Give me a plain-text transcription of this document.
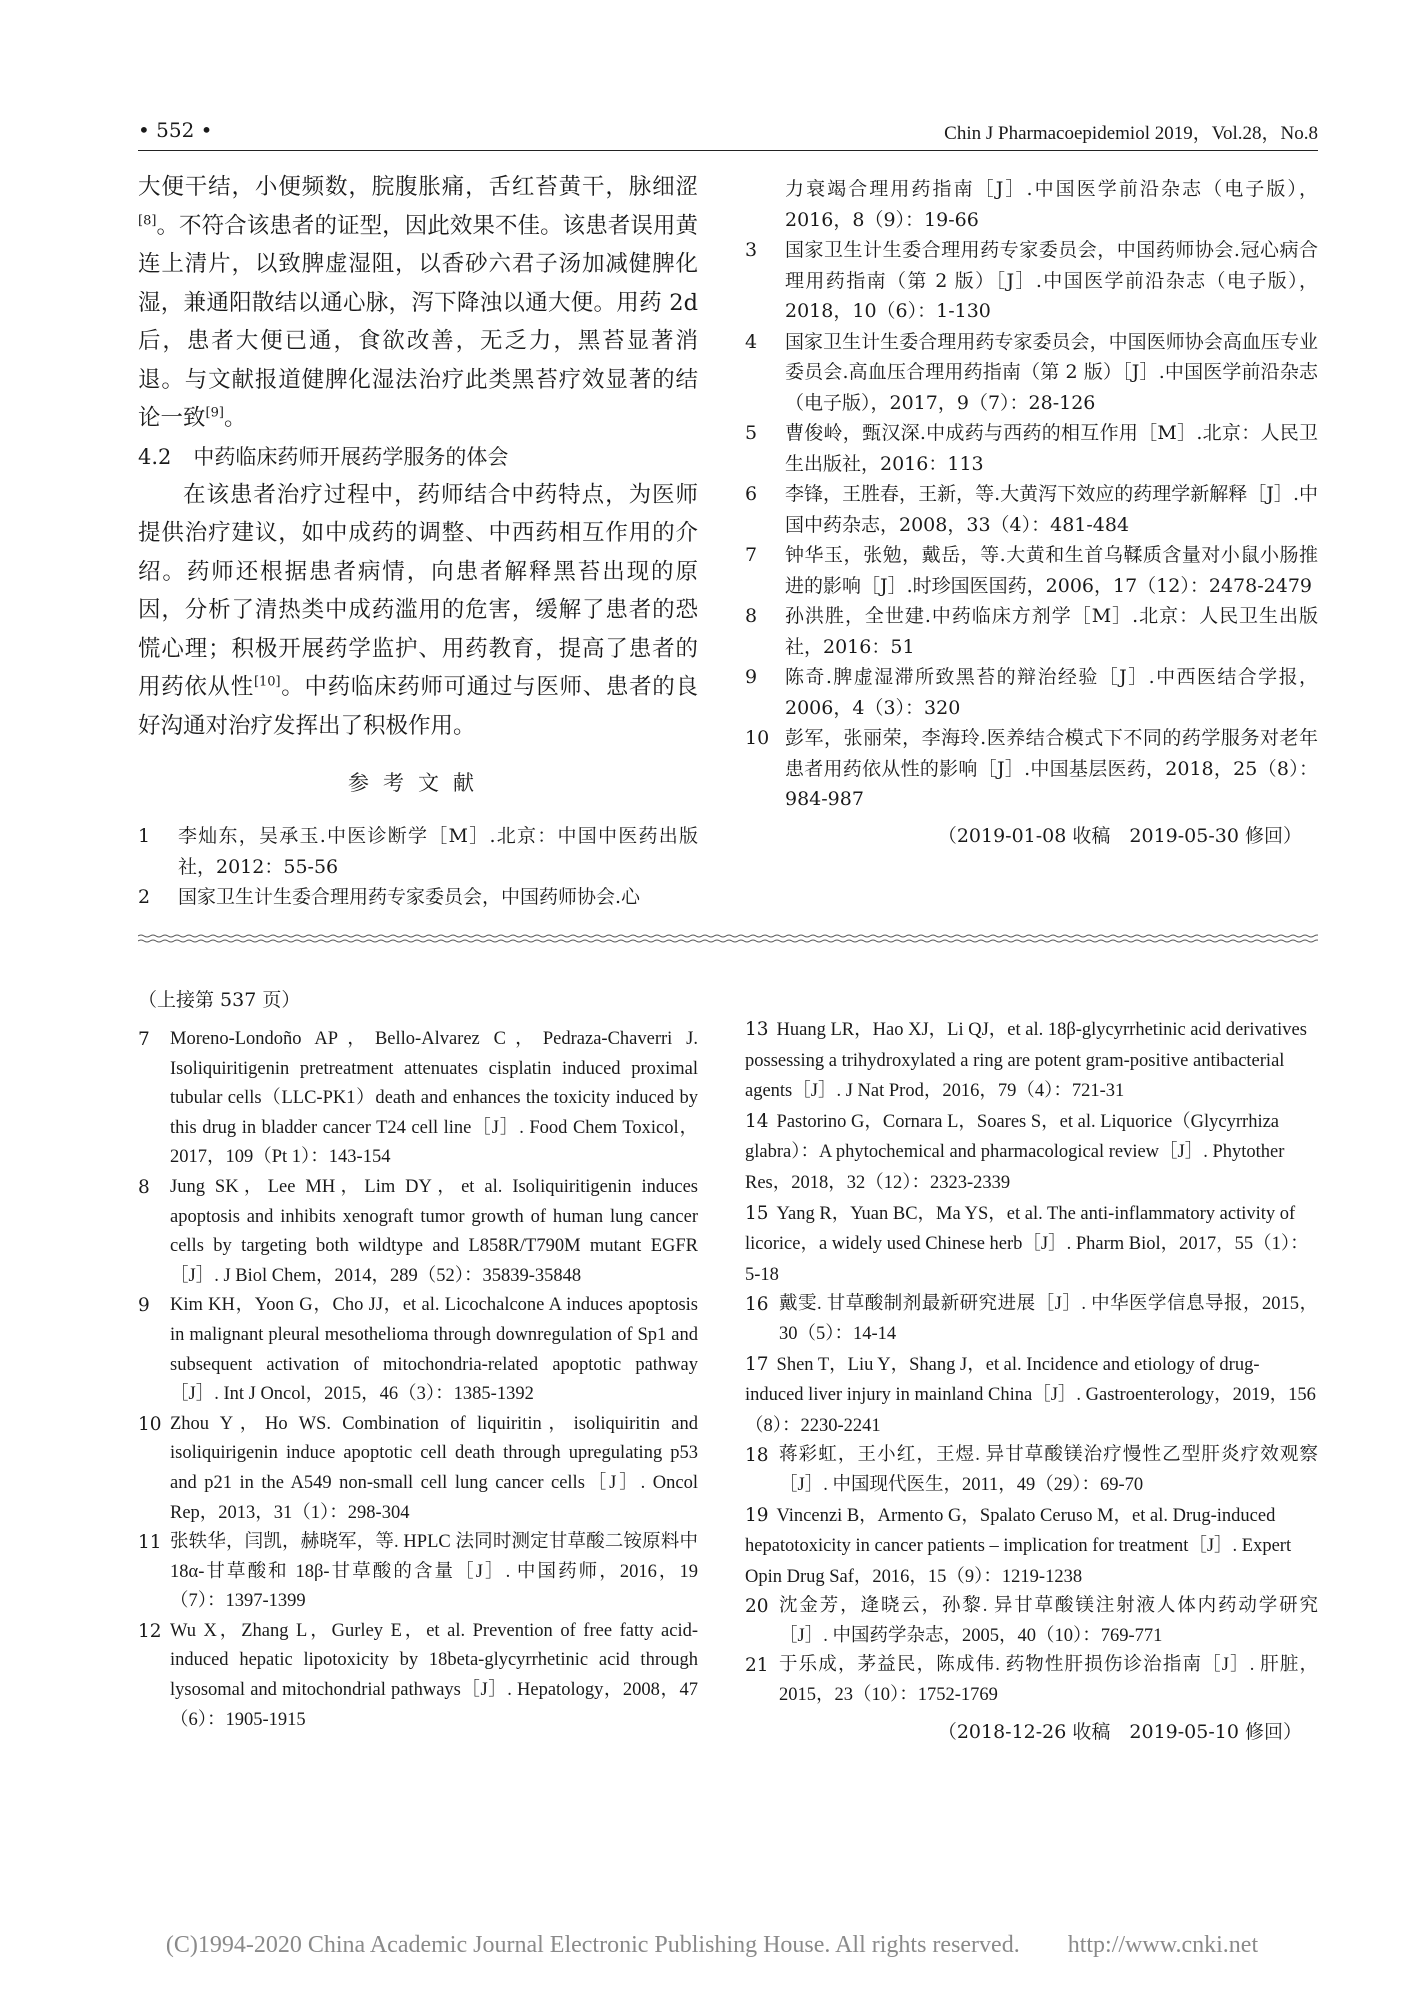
• 552 •	Chin J Pharmacoepidemiol 2019，Vol.28，No.8

大便干结，小便频数，脘腹胀痛，舌红苔黄干，脉细涩[8]。不符合该患者的证型，因此效果不佳。该患者误用黄连上清片，以致脾虚湿阻，以香砂六君子汤加减健脾化湿，兼通阳散结以通心脉，泻下降浊以通大便。用药 2d 后，患者大便已通，食欲改善，无乏力，黑苔显著消退。与文献报道健脾化湿法治疗此类黑苔疗效显著的结论一致[9]。

4.2 中药临床药师开展药学服务的体会

在该患者治疗过程中，药师结合中药特点，为医师提供治疗建议，如中成药的调整、中西药相互作用的介绍。药师还根据患者病情，向患者解释黑苔出现的原因，分析了清热类中成药滥用的危害，缓解了患者的恐慌心理；积极开展药学监护、用药教育，提高了患者的用药依从性[10]。中药临床药师可通过与医师、患者的良好沟通对治疗发挥出了积极作用。

参考文献
1 李灿东，吴承玉.中医诊断学［M］.北京：中国中医药出版社，2012：55-56
2 国家卫生计生委合理用药专家委员会，中国药师协会.心
力衰竭合理用药指南［J］.中国医学前沿杂志（电子版），2016，8（9）：19-66
3 国家卫生计生委合理用药专家委员会，中国药师协会.冠心病合理用药指南（第 2 版）［J］.中国医学前沿杂志（电子版），2018，10（6）：1-130
4 国家卫生计生委合理用药专家委员会，中国医师协会高血压专业委员会.高血压合理用药指南（第 2 版）［J］.中国医学前沿杂志（电子版），2017，9（7）：28-126
5 曹俊岭，甄汉深.中成药与西药的相互作用［M］.北京：人民卫生出版社，2016：113
6 李锋，王胜春，王新，等.大黄泻下效应的药理学新解释［J］.中国中药杂志，2008，33（4）：481-484
7 钟华玉，张勉，戴岳，等.大黄和生首乌鞣质含量对小鼠小肠推进的影响［J］.时珍国医国药，2006，17（12）：2478-2479
8 孙洪胜，全世建.中药临床方剂学［M］.北京：人民卫生出版社，2016：51
9 陈奇.脾虚湿滞所致黑苔的辩治经验［J］.中西医结合学报，2006，4（3）：320
10 彭军，张丽荣，李海玲.医养结合模式下不同的药学服务对老年患者用药依从性的影响［J］.中国基层医药，2018，25（8）：984-987
（2019-01-08 收稿　2019-05-30 修回）
（上接第 537 页）
7 Moreno-Londoño AP，Bello-Alvarez C，Pedraza-Chaverri J. Isoliquiritigenin pretreatment attenuates cisplatin induced proximal tubular cells（LLC-PK1）death and enhances the toxicity induced by this drug in bladder cancer T24 cell line［J］. Food Chem Toxicol，2017，109（Pt 1）：143-154
8 Jung SK，Lee MH，Lim DY，et al. Isoliquiritigenin induces apoptosis and inhibits xenograft tumor growth of human lung cancer cells by targeting both wildtype and L858R/T790M mutant EGFR［J］. J Biol Chem，2014，289（52）：35839-35848
9 Kim KH，Yoon G，Cho JJ，et al. Licochalcone A induces apoptosis in malignant pleural mesothelioma through downregulation of Sp1 and subsequent activation of mitochondria-related apoptotic pathway［J］. Int J Oncol，2015，46（3）：1385-1392
10 Zhou Y，Ho WS. Combination of liquiritin，isoliquiritin and isoliquirigenin induce apoptotic cell death through upregulating p53 and p21 in the A549 non-small cell lung cancer cells［J］. Oncol Rep，2013，31（1）：298-304
11 张轶华，闫凯，赫晓军，等. HPLC 法同时测定甘草酸二铵原料中 18α-甘草酸和 18β-甘草酸的含量［J］. 中国药师，2016，19（7）：1397-1399
12 Wu X，Zhang L，Gurley E，et al. Prevention of free fatty acid-induced hepatic lipotoxicity by 18beta-glycyrrhetinic acid through lysosomal and mitochondrial pathways［J］. Hepatology，2008，47（6）：1905-1915
13 Huang LR，Hao XJ，Li QJ，et al. 18β-glycyrrhetinic acid derivatives possessing a trihydroxylated a ring are potent gram-positive antibacterial agents［J］. J Nat Prod，2016，79（4）：721-31
14 Pastorino G，Cornara L，Soares S，et al. Liquorice（Glycyrrhiza glabra）：A phytochemical and pharmacological review［J］. Phytother Res，2018，32（12）：2323-2339
15 Yang R，Yuan BC，Ma YS，et al. The anti-inflammatory activity of licorice，a widely used Chinese herb［J］. Pharm Biol，2017，55（1）：5-18
16 戴雯. 甘草酸制剂最新研究进展［J］. 中华医学信息导报，2015，30（5）：14-14
17 Shen T，Liu Y，Shang J，et al. Incidence and etiology of drug-induced liver injury in mainland China［J］. Gastroenterology，2019，156（8）：2230-2241
18 蒋彩虹，王小红，王煜. 异甘草酸镁治疗慢性乙型肝炎疗效观察［J］. 中国现代医生，2011，49（29）：69-70
19 Vincenzi B，Armento G，Spalato Ceruso M，et al. Drug-induced hepatotoxicity in cancer patients – implication for treatment［J］. Expert Opin Drug Saf，2016，15（9）：1219-1238
20 沈金芳，逄晓云，孙黎. 异甘草酸镁注射液人体内药动学研究［J］. 中国药学杂志，2005，40（10）：769-771
21 于乐成，茅益民，陈成伟. 药物性肝损伤诊治指南［J］. 肝脏，2015，23（10）：1752-1769
（2018-12-26 收稿　2019-05-10 修回）
(C)1994-2020 China Academic Journal Electronic Publishing House. All rights reserved.　　http://www.cnki.net
